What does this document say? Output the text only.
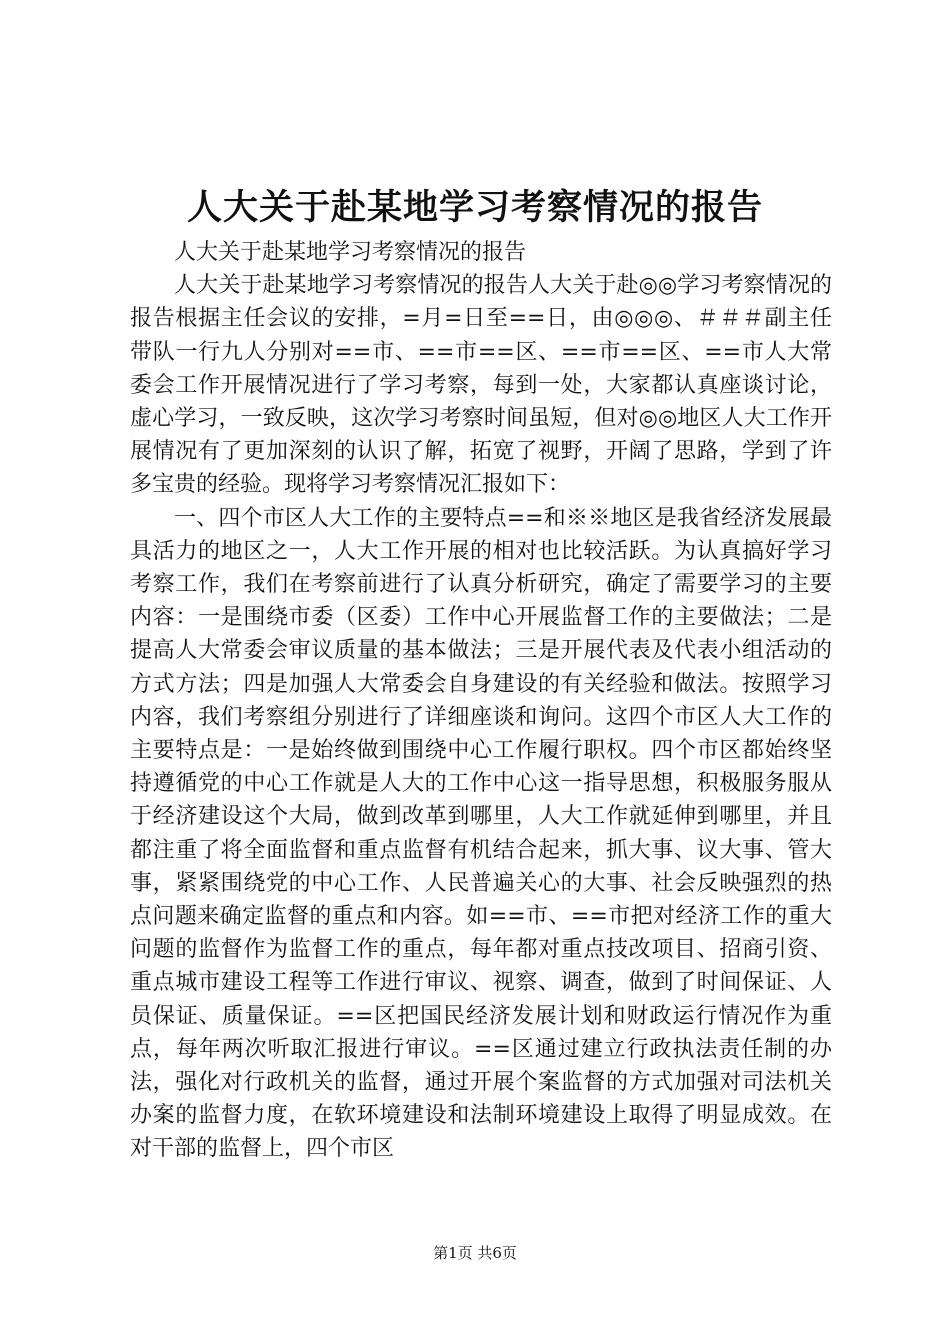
人大关于赴某地学习考察情况的报告

人大关于赴某地学习考察情况的报告

人大关于赴某地学习考察情况的报告人大关于赴◎◎学习考察情况的报告根据主任会议的安排，=月=日至==日，由◎◎◎、＃＃＃副主任带队一行九人分别对==市、==市==区、==市==区、==市人大常委会工作开展情况进行了学习考察，每到一处，大家都认真座谈讨论，虚心学习，一致反映，这次学习考察时间虽短，但对◎◎地区人大工作开展情况有了更加深刻的认识了解，拓宽了视野，开阔了思路，学到了许多宝贵的经验。现将学习考察情况汇报如下：

一、四个市区人大工作的主要特点==和※※地区是我省经济发展最具活力的地区之一，人大工作开展的相对也比较活跃。为认真搞好学习考察工作，我们在考察前进行了认真分析研究，确定了需要学习的主要内容：一是围绕市委（区委）工作中心开展监督工作的主要做法；二是提高人大常委会审议质量的基本做法；三是开展代表及代表小组活动的方式方法；四是加强人大常委会自身建设的有关经验和做法。按照学习内容，我们考察组分别进行了详细座谈和询问。这四个市区人大工作的主要特点是：一是始终做到围绕中心工作履行职权。四个市区都始终坚持遵循党的中心工作就是人大的工作中心这一指导思想，积极服务服从于经济建设这个大局，做到改革到哪里，人大工作就延伸到哪里，并且都注重了将全面监督和重点监督有机结合起来，抓大事、议大事、管大事，紧紧围绕党的中心工作、人民普遍关心的大事、社会反映强烈的热点问题来确定监督的重点和内容。如==市、==市把对经济工作的重大问题的监督作为监督工作的重点，每年都对重点技改项目、招商引资、重点城市建设工程等工作进行审议、视察、调查，做到了时间保证、人员保证、质量保证。==区把国民经济发展计划和财政运行情况作为重点，每年两次听取汇报进行审议。==区通过建立行政执法责任制的办法，强化对行政机关的监督，通过开展个案监督的方式加强对司法机关办案的监督力度，在软环境建设和法制环境建设上取得了明显成效。在对干部的监督上，四个市区

第1页 共6页
